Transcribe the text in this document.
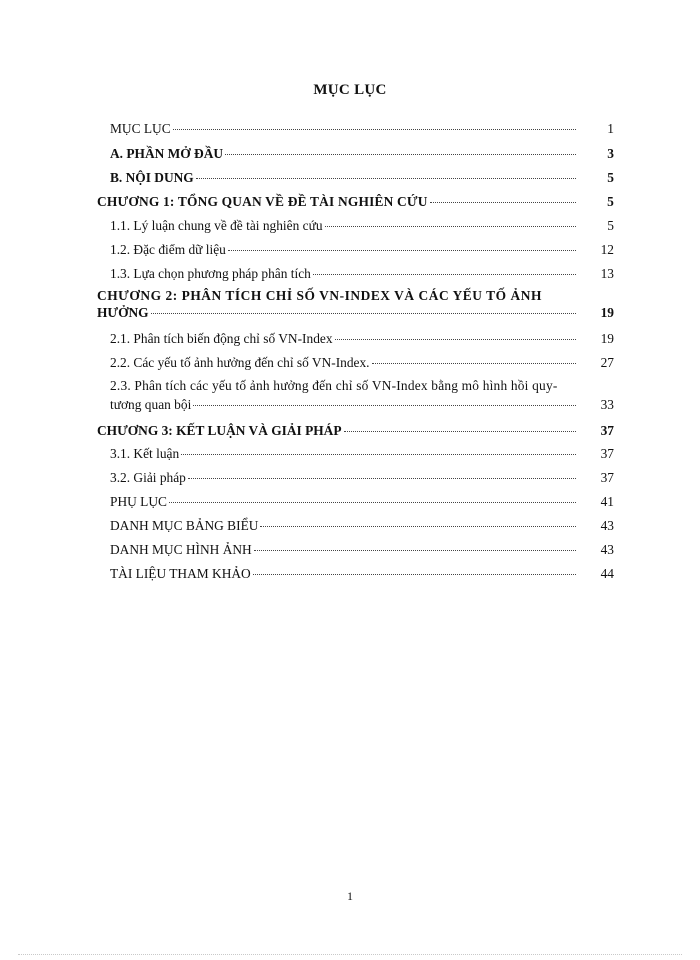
MỤC LỤC
MỤC LỤC	1
A. PHẦN MỞ ĐẦU	3
B. NỘI DUNG	5
CHƯƠNG 1: TỔNG QUAN VỀ ĐỀ TÀI NGHIÊN CỨU	5
1.1. Lý luận chung về đề tài nghiên cứu	5
1.2. Đặc điểm dữ liệu	12
1.3. Lựa chọn phương pháp phân tích	13
CHƯƠNG 2: PHÂN TÍCH CHỈ SỐ VN-INDEX VÀ CÁC YẾU TỐ ẢNH
HƯỞNG	19
2.1. Phân tích biến động chỉ số VN-Index	19
2.2. Các yếu tố ảnh hưởng đến chỉ số VN-Index.	27
2.3. Phân tích các yếu tố ảnh hưởng đến chỉ số VN-Index bằng mô hình hồi quy-
tương quan bội	33
CHƯƠNG 3: KẾT LUẬN VÀ GIẢI PHÁP	37
3.1. Kết luận	37
3.2. Giải pháp	37
PHỤ LỤC	41
DANH MỤC BẢNG BIỂU	43
DANH MỤC HÌNH ẢNH	43
TÀI LIỆU THAM KHẢO	44
1
